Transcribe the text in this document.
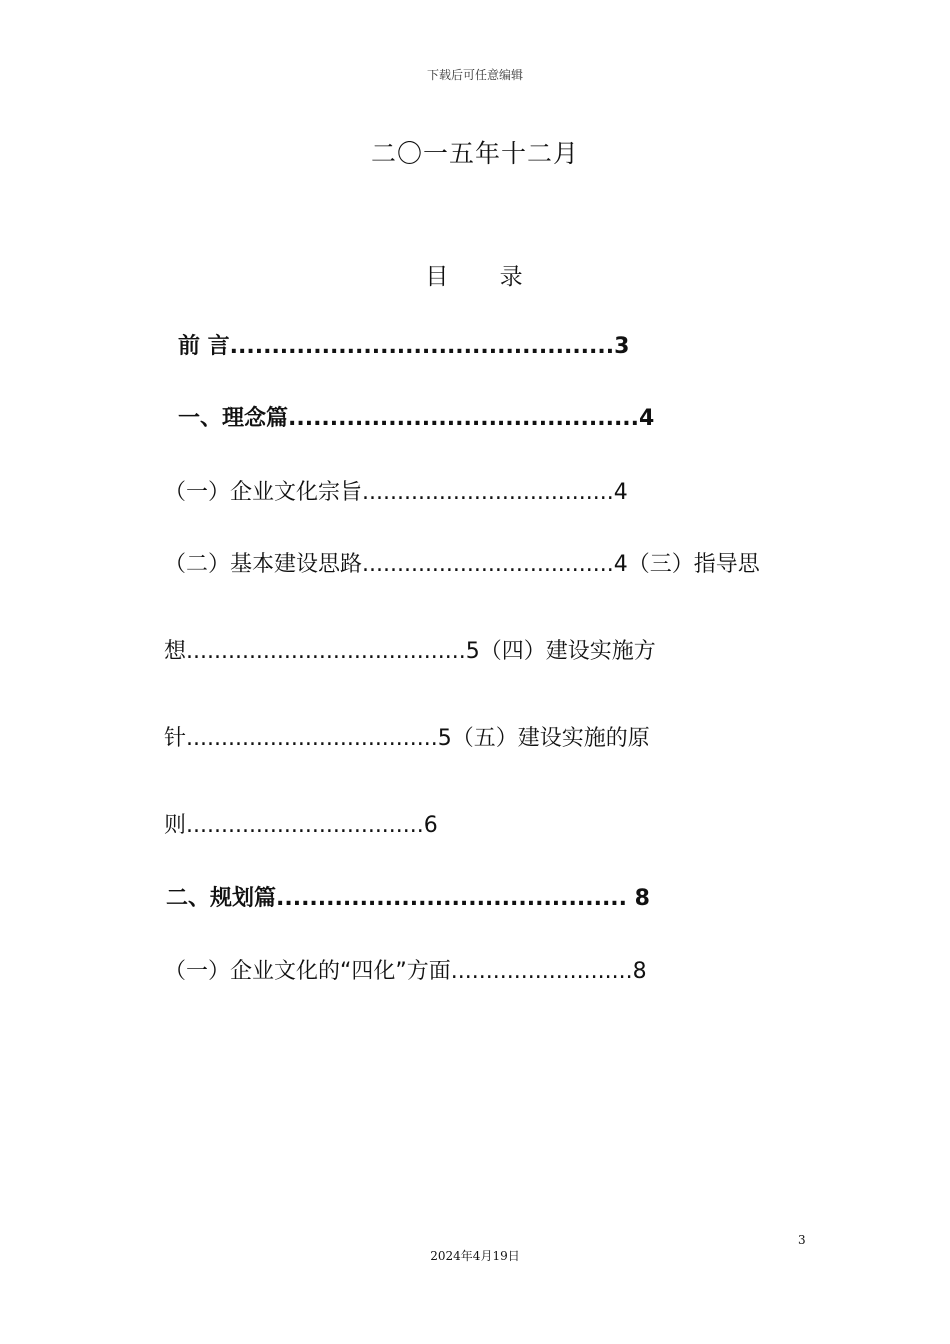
下载后可任意编辑
二〇一五年十二月
目 录
前 言..............................................3
一、理念篇..........................................4
（一）企业文化宗旨....................................4
（二）基本建设思路....................................4（三）指导思
想........................................5（四）建设实施方
针....................................5（五）建设实施的原
则..................................6
二、规划篇.......................................... 8
（一）企业文化的“四化”方面..........................8
3
2024年4月19日
